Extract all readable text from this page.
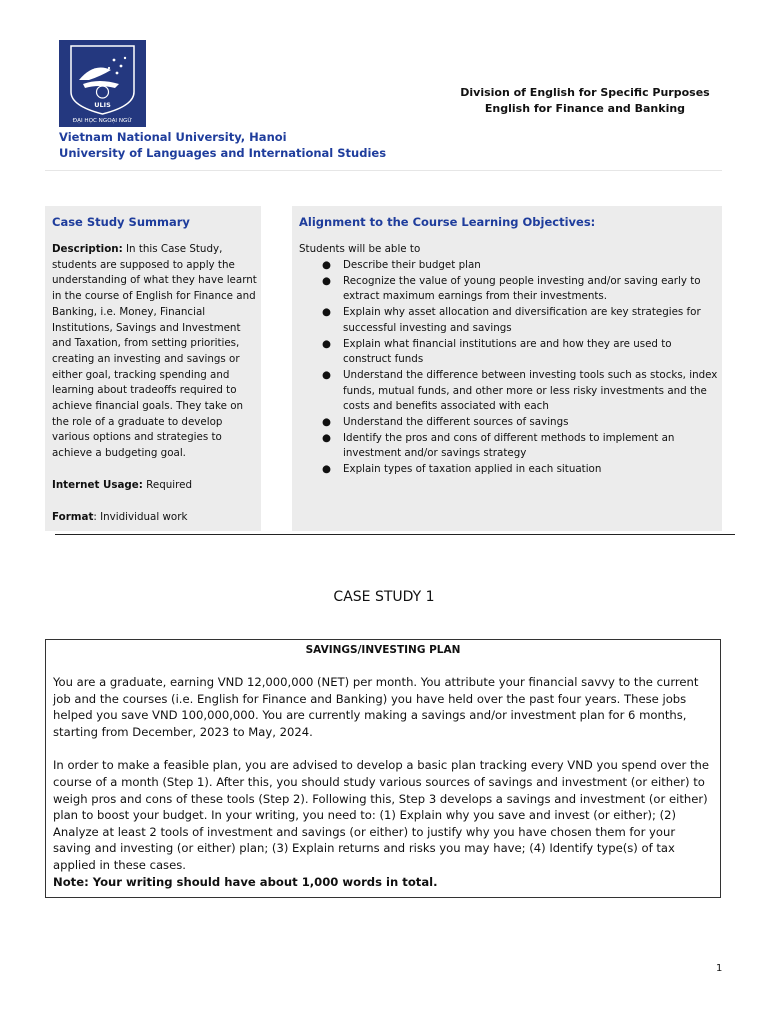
ULIS
ĐẠI HỌC NGOẠI NGỮ
Vietnam National University, Hanoi
University of Languages and International Studies
Division of English for Specific Purposes
English for Finance and Banking
Case Study Summary

Description: In this Case Study, students are supposed to apply the understanding of what they have learnt in the course of English for Finance and Banking, i.e. Money, Financial Institutions, Savings and Investment and Taxation, from setting priorities, creating an investing and savings or either goal, tracking spending and learning about tradeoffs required to achieve financial goals. They take on the role of a graduate to develop various options and strategies to achieve a budgeting goal.

Internet Usage: Required

Format: Invidividual work

Alignment to the Course Learning Objectives:
Students will be able to
● Describe their budget plan
● Recognize the value of young people investing and/or saving early to extract maximum earnings from their investments.
● Explain why asset allocation and diversification are key strategies for successful investing and savings
● Explain what financial institutions are and how they are used to construct funds
● Understand the difference between investing tools such as stocks, index funds, mutual funds, and other more or less risky investments and the costs and benefits associated with each
● Understand the different sources of savings
● Identify the pros and cons of different methods to implement an investment and/or savings strategy
● Explain types of taxation applied in each situation
CASE STUDY 1
SAVINGS/INVESTING PLAN

You are a graduate, earning VND 12,000,000 (NET) per month. You attribute your financial savvy to the current job and the courses (i.e. English for Finance and Banking) you have held over the past four years. These jobs helped you save VND 100,000,000. You are currently making a savings and/or investment plan for 6 months, starting from December, 2023 to May, 2024.

In order to make a feasible plan, you are advised to develop a basic plan tracking every VND you spend over the course of a month (Step 1). After this, you should study various sources of savings and investment (or either) to weigh pros and cons of these tools (Step 2). Following this, Step 3 develops a savings and investment (or either) plan to boost your budget. In your writing, you need to: (1) Explain why you save and invest (or either); (2) Analyze at least 2 tools of investment and savings (or either) to justify why you have chosen them for your saving and investing (or either) plan; (3) Explain returns and risks you may have; (4) Identify type(s) of tax applied in these cases.

Note: Your writing should have about 1,000 words in total.

1
